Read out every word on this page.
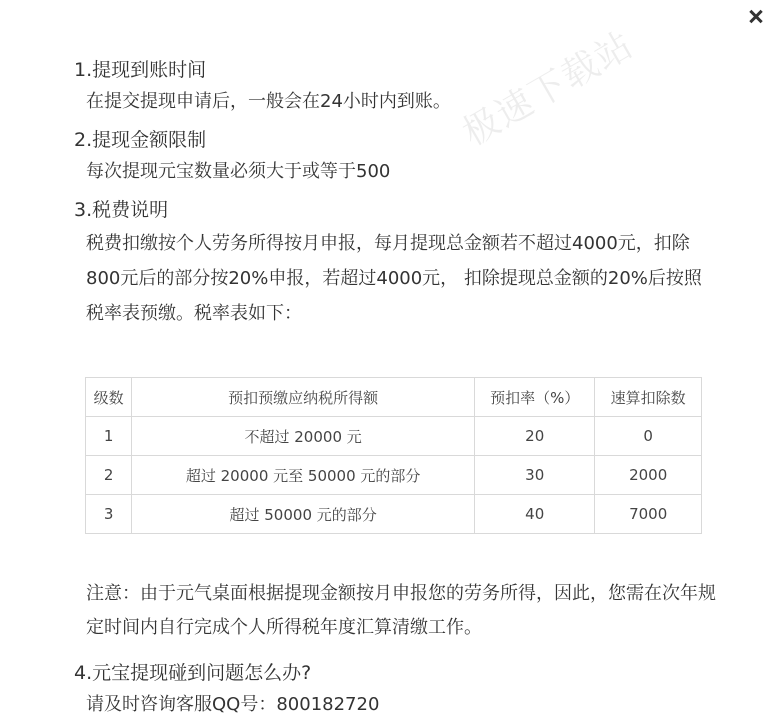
极速下载站

1.提现到账时间

在提交提现申请后，一般会在24小时内到账。

2.提现金额限制

每次提现元宝数量必须大于或等于500

3.税费说明

税费扣缴按个人劳务所得按月申报，每月提现总金额若不超过4000元，扣除800元后的部分按20%申报，若超过4000元， 扣除提现总金额的20%后按照税率表预缴。税率表如下：

级数	预扣预缴应纳税所得额	预扣率（%）	速算扣除数
1	不超过 20000 元	20	0
2	超过 20000 元至 50000 元的部分	30	2000
3	超过 50000 元的部分	40	7000

注意：由于元气桌面根据提现金额按月申报您的劳务所得，因此，您需在次年规定时间内自行完成个人所得税年度汇算清缴工作。

4.元宝提现碰到问题怎么办?

请及时咨询客服QQ号：800182720
